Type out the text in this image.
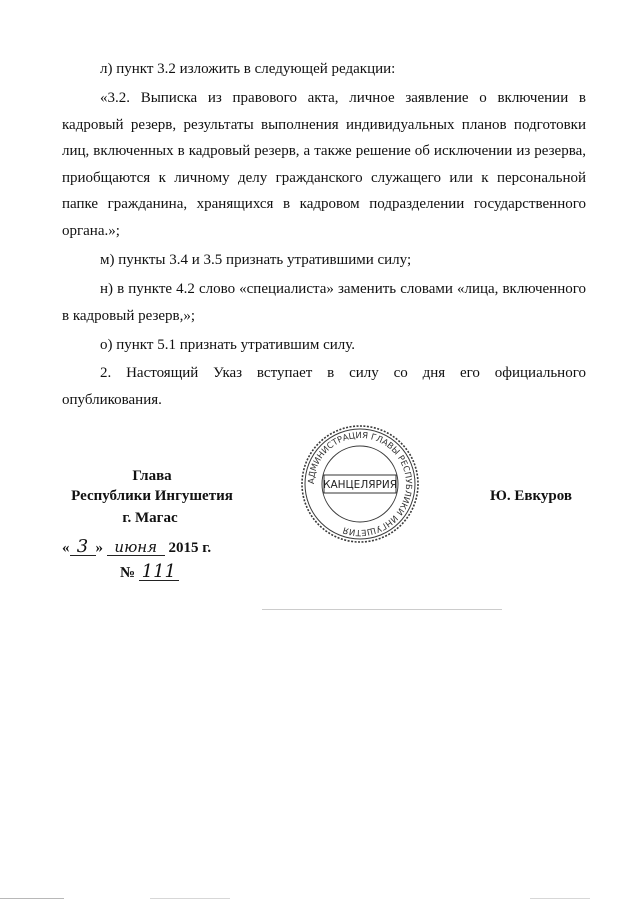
л) пункт 3.2 изложить в следующей редакции:

«3.2. Выписка из правового акта, личное заявление о включении в кадровый резерв, результаты выполнения индивидуальных планов подготовки лиц, включенных в кадровый резерв, а также решение об исключении из резерва, приобщаются к личному делу гражданского служащего или к персональной папке гражданина, хранящихся в кадровом подразделении государственного органа.»;

м) пункты 3.4 и 3.5 признать утратившими силу;

н) в пункте 4.2 слово «специалиста» заменить словами «лица, включенного в кадровый резерв,»;

о) пункт 5.1 признать утратившим силу.

2. Настоящий Указ вступает в силу со дня его официального опубликования.

Глава
Республики Ингушетия
г. Магас
« 3 » июня 2015 г.
№ 111
АДМИНИСТРАЦИЯ ГЛАВЫ РЕСПУБЛИКИ ИНГУШЕТИЯ
КАНЦЕЛЯРИЯ
Ю. Евкуров
